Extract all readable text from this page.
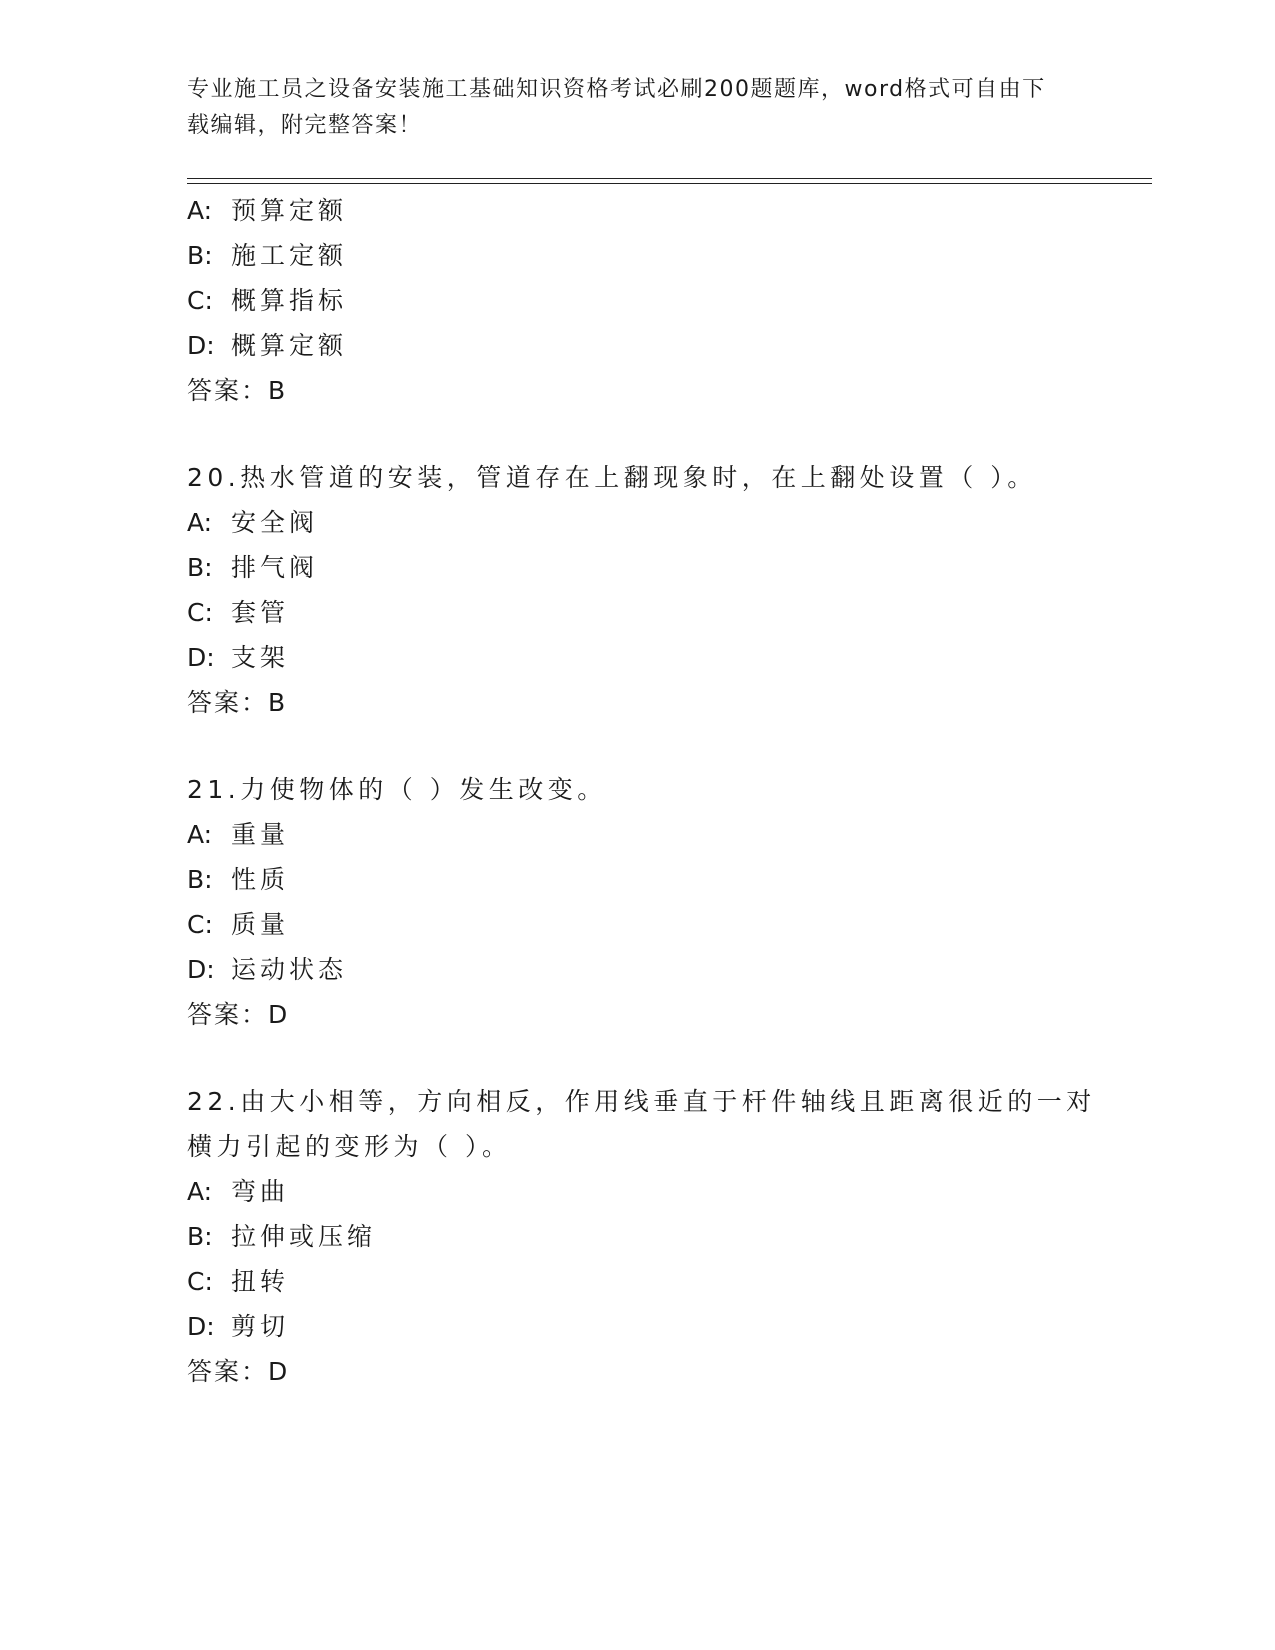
专业施工员之设备安装施工基础知识资格考试必刷200题题库，word格式可自由下载编辑，附完整答案！
A: 预算定额
B: 施工定额
C: 概算指标
D: 概算定额
答案：B
20.热水管道的安装，管道存在上翻现象时，在上翻处设置（ ）。
A: 安全阀
B: 排气阀
C: 套管
D: 支架
答案：B
21.力使物体的（ ）发生改变。
A: 重量
B: 性质
C: 质量
D: 运动状态
答案：D
22.由大小相等，方向相反，作用线垂直于杆件轴线且距离很近的一对
横力引起的变形为（ ）。
A: 弯曲
B: 拉伸或压缩
C: 扭转
D: 剪切
答案：D
